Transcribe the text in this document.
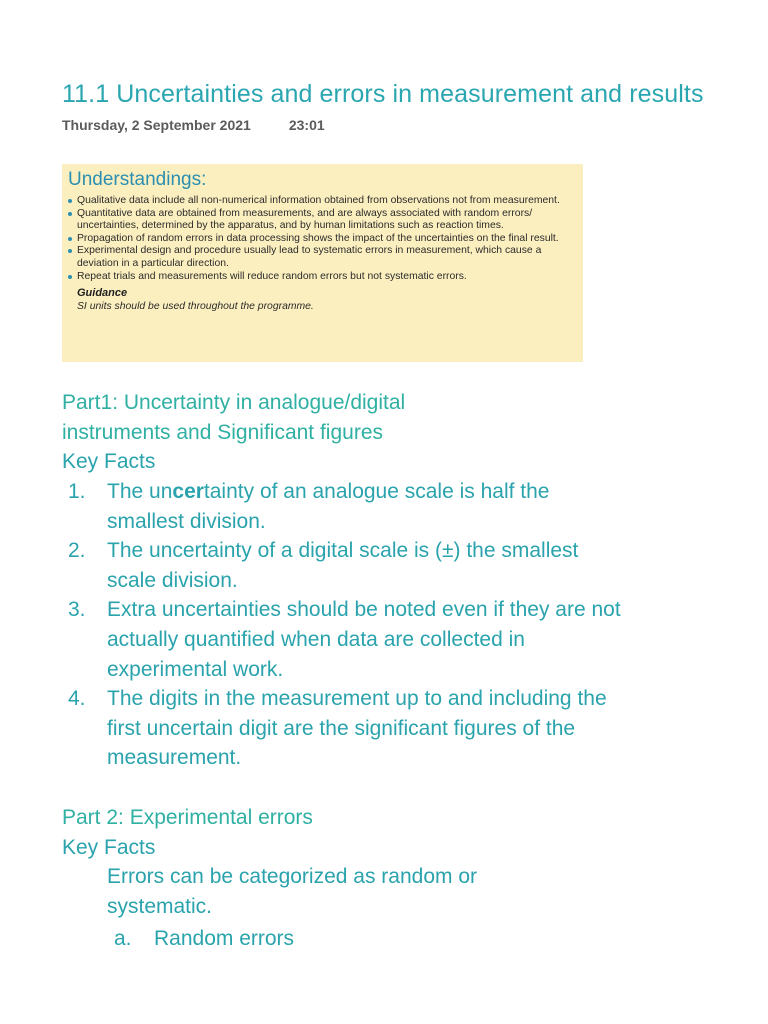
11.1 Uncertainties and errors in measurement and results
Thursday, 2 September 2021	23:01
Understandings:
Qualitative data include all non-numerical information obtained from observations not from measurement.
Quantitative data are obtained from measurements, and are always associated with random errors/ uncertainties, determined by the apparatus, and by human limitations such as reaction times.
Propagation of random errors in data processing shows the impact of the uncertainties on the final result.
Experimental design and procedure usually lead to systematic errors in measurement, which cause a deviation in a particular direction.
Repeat trials and measurements will reduce random errors but not systematic errors.
Guidance
SI units should be used throughout the programme.
Part1: Uncertainty in analogue/digital
instruments and Significant figures
Key Facts
1. The uncertainty of an analogue scale is half the smallest division.
2. The uncertainty of a digital scale is (±) the smallest scale division.
3. Extra uncertainties should be noted even if they are not actually quantified when data are collected in experimental work.
4. The digits in the measurement up to and including the first uncertain digit are the significant figures of the measurement.
Part 2: Experimental errors
Key Facts
Errors can be categorized as random or systematic.
a. Random errors
